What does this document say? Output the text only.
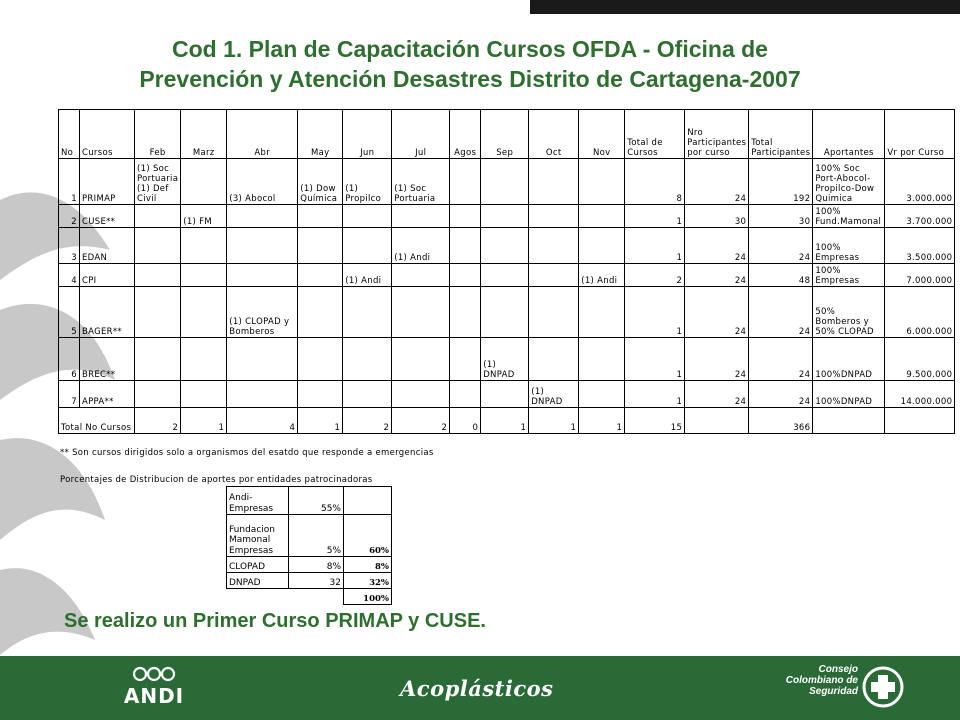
Cod 1. Plan de Capacitación Cursos OFDA - Oficina de
Prevención y Atención Desastres Distrito de Cartagena-2007
No	Cursos	Feb	Marz	Abr	May	Jun	Jul	Agos	Sep	Oct	Nov	Total de Cursos	Nro Participantes por curso	Total Participantes	Aportantes	Vr por Curso
1	PRIMAP	(1) Soc Portuaria (1) Def Civil		(3) Abocol	(1) Dow Química	(1) Propilco	(1) Soc Portuaria					8	24	192	100% Soc Port-Abocol-Propilco-Dow Quimica	3.000.000
2	CUSE**		(1) FM									1	30	30	100% Fund.Mamonal	3.700.000
3	EDAN						(1) Andi					1	24	24	100% Empresas	3.500.000
4	CPI					(1) Andi					(1) Andi	2	24	48	100% Empresas	7.000.000
5	BAGER**			(1) CLOPAD y Bomberos								1	24	24	50% Bomberos y 50% CLOPAD	6.000.000
6	BREC**								(1) DNPAD			1	24	24	100%DNPAD	9.500.000
7	APPA**									(1) DNPAD		1	24	24	100%DNPAD	14.000.000
Total No Cursos		2	1	4	1	2	2	0	1	1	1	15		366		
** Son cursos dirigidos solo a organismos del esatdo que responde a emergencias
Porcentajes de Distribucion de aportes por entidades patrocinadoras
Andi-Empresas	55%	
Fundacion Mamonal Empresas	5%	60%
CLOPAD	8%	8%
DNPAD	32	32%
		100%
Se realizo un Primer Curso PRIMAP y CUSE.
ANDI	Acoplásticos
Consejo
Colombiano de
Seguridad
